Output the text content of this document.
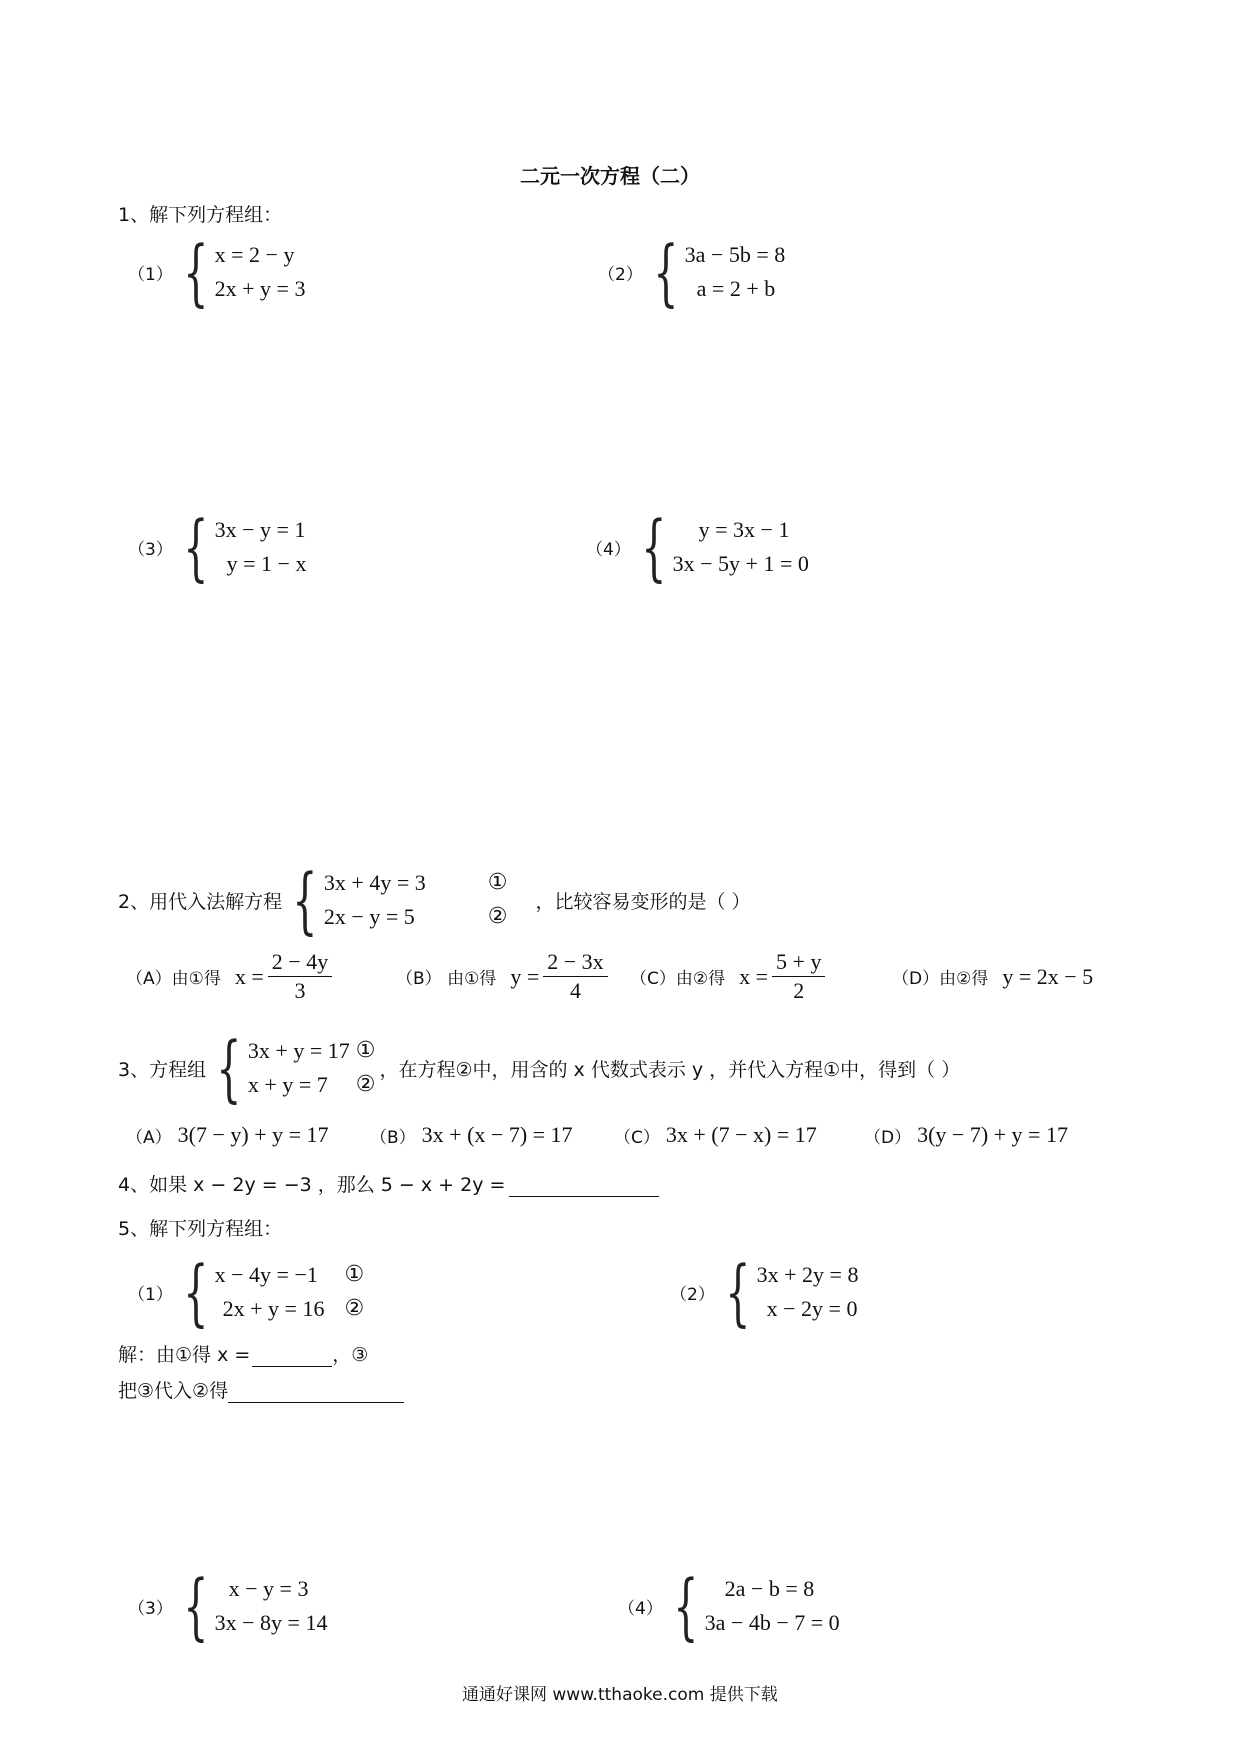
二元一次方程（二）
1、解下列方程组：
（1） { x = 2 − y
2x + y = 3
（2） { 3a − 5b = 8
a = 2 + b
（3） { 3x − y = 1
y = 1 − x
（4） {	y = 3x − 1
3x − 5y + 1 = 0
2、用代入法解方程 { 3x + 4y = 3
2x − y = 5
①
②
，比较容易变形的是（ ）
（A）由①得 $x = \frac{2 - 4y}{3}$	（B） 由①得 $y = \frac{2 - 3x}{4} (C)$由②得 $x = \frac{5 + y}{2}$	（D）由②得 y = 2x − 5
3、方程组 { 3x + y = 17
x + y = 7
①
②
，在方程②中，用含的 x 代数式表示 y ，并代入方程①中，得到（ ）
（A） 3(7 − y) + y = 17 （B） 3x + (x − 7) = 17 （C） 3x + (7 − x) = 17	（D） 3(y − 7) + y = 17
4、如果 x − 2y = −3 ，那么 5 − x + 2y =
5、解下列方程组：
（1） { x − 4y = −1
2x + y = 16
①
②
（2） { 3x + 2y = 8
x − 2y = 0
解：由①得 x =	，③
把③代入②得
（3） { x − y = 3
3x − 8y = 14
（4） {	2a − b = 8
3a − 4b − 7 = 0
通通好课网 www.tthaoke.com 提供下载
